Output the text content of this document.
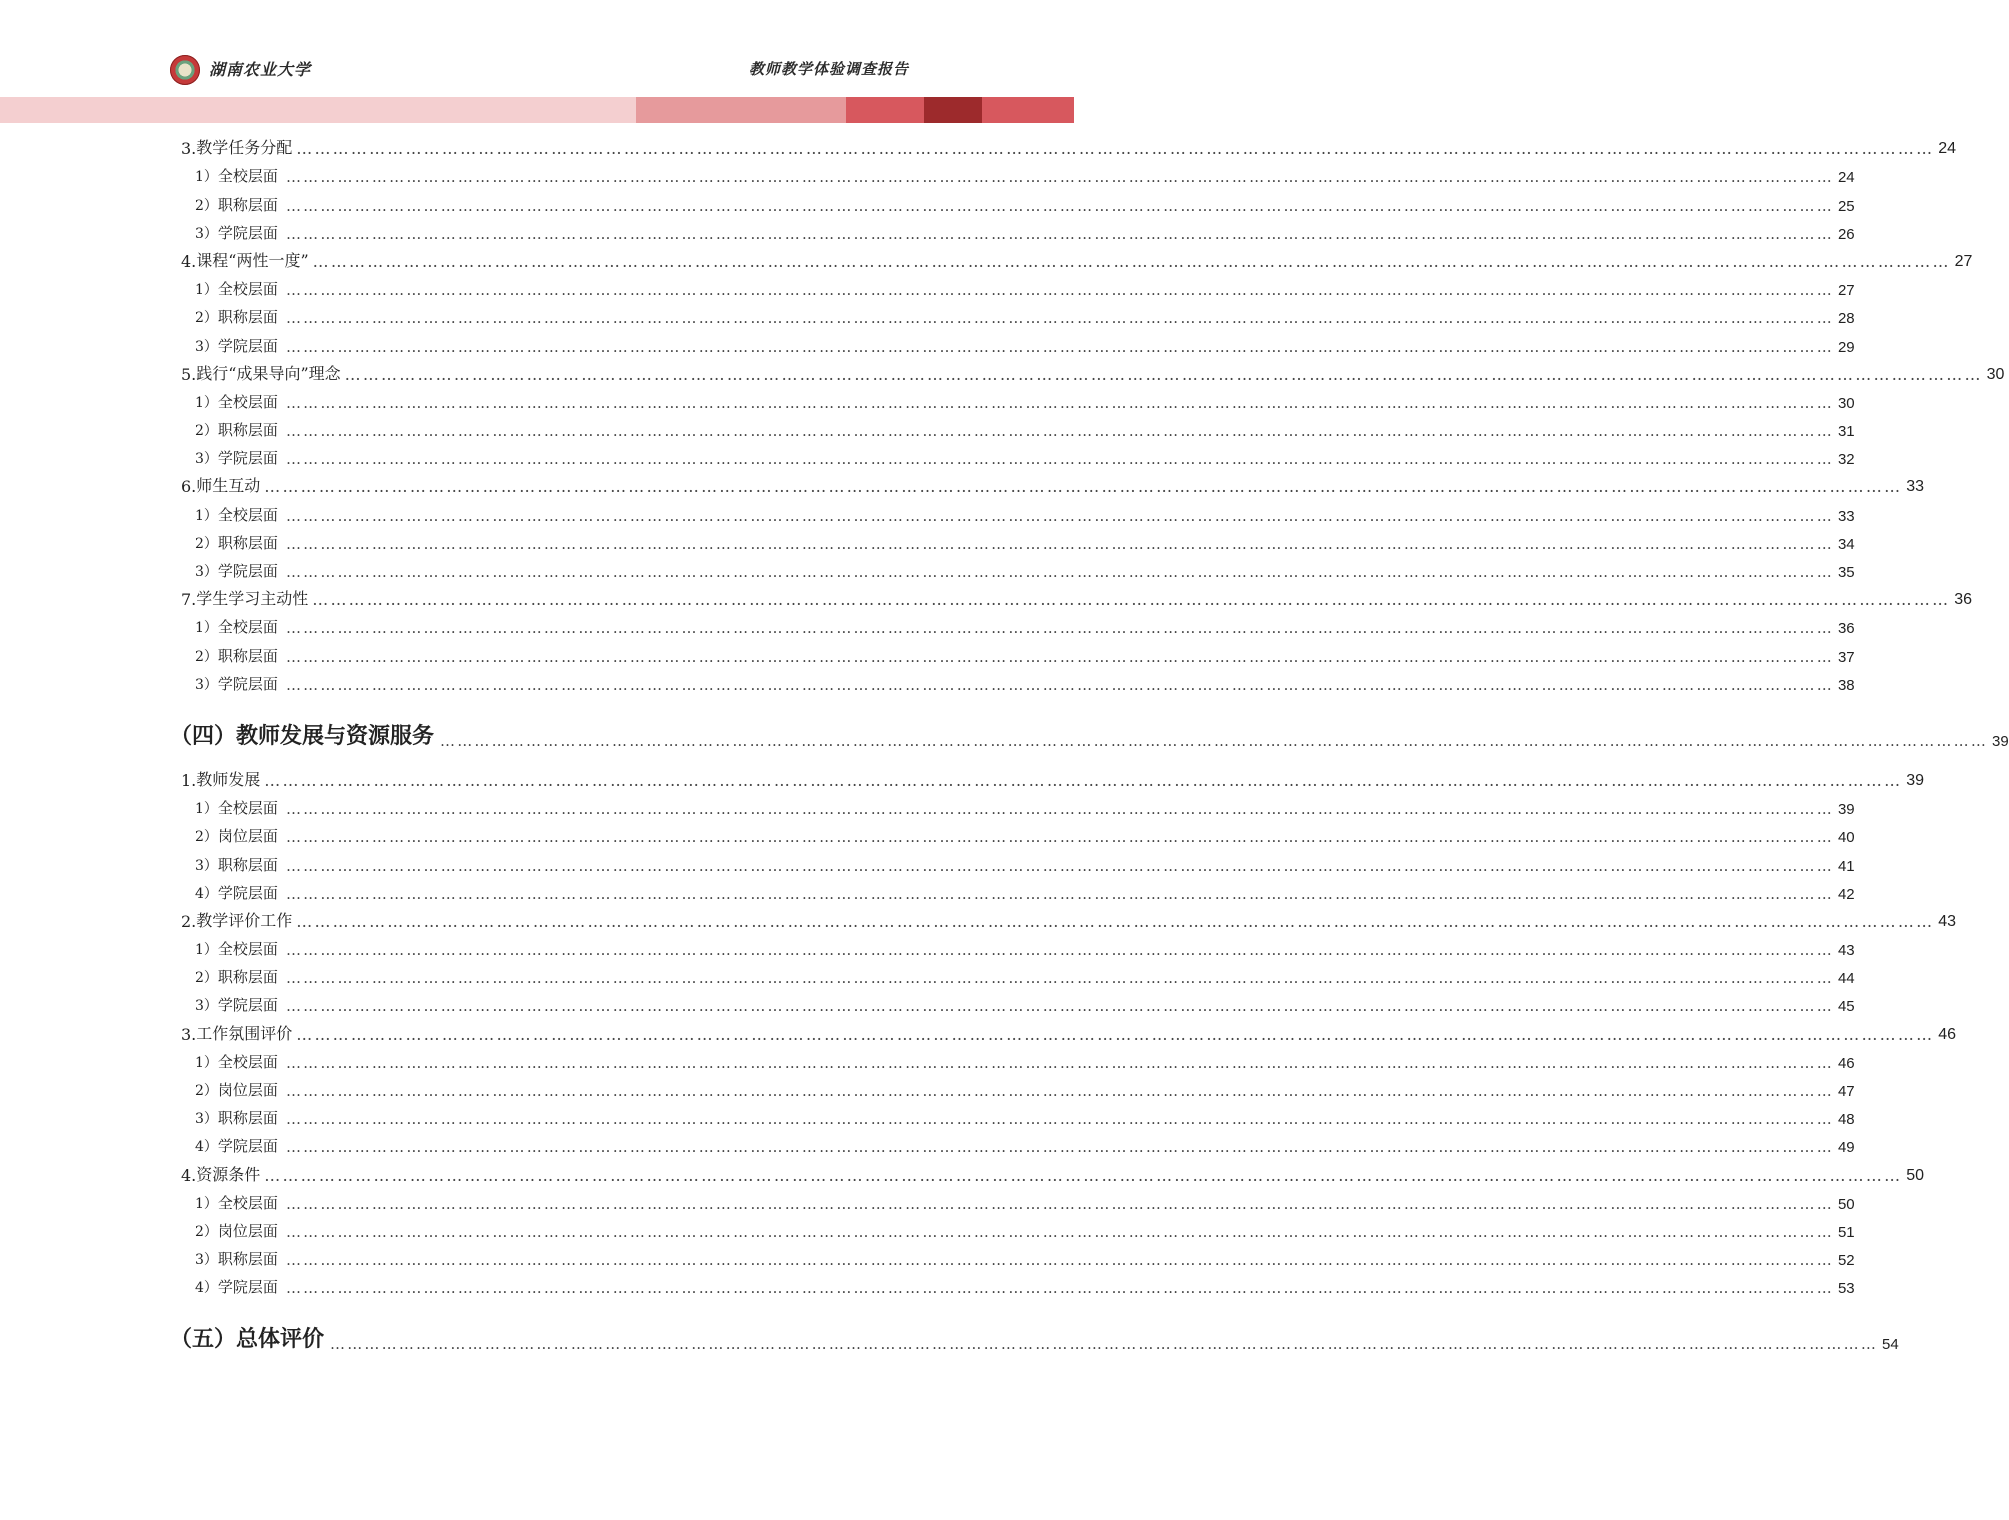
湖南农业大学	教师教学体验调查报告
3. 教学任务分配 ……………………………………………………………………………………………………………………………………………………………………………………………………………………………………………… 24
1） 全校层面 ……………………………………………………………………………………………………………………………………………………………………………………………………………………………………………… 24
2） 职称层面 ……………………………………………………………………………………………………………………………………………………………………………………………………………………………………………… 25
3） 学院层面 ……………………………………………………………………………………………………………………………………………………………………………………………………………………………………………… 26
4. 课程“两性一度” ……………………………………………………………………………………………………………………………………………………………………………………………………………………………………………… 27
1） 全校层面 ……………………………………………………………………………………………………………………………………………………………………………………………………………………………………………… 27
2） 职称层面 ……………………………………………………………………………………………………………………………………………………………………………………………………………………………………………… 28
3） 学院层面 ……………………………………………………………………………………………………………………………………………………………………………………………………………………………………………… 29
5. 践行“成果导向”理念 ……………………………………………………………………………………………………………………………………………………………………………………………………………………………………………… 30
1） 全校层面 ……………………………………………………………………………………………………………………………………………………………………………………………………………………………………………… 30
2） 职称层面 ……………………………………………………………………………………………………………………………………………………………………………………………………………………………………………… 31
3） 学院层面 ……………………………………………………………………………………………………………………………………………………………………………………………………………………………………………… 32
6. 师生互动 ……………………………………………………………………………………………………………………………………………………………………………………………………………………………………………… 33
1） 全校层面 ……………………………………………………………………………………………………………………………………………………………………………………………………………………………………………… 33
2） 职称层面 ……………………………………………………………………………………………………………………………………………………………………………………………………………………………………………… 34
3） 学院层面 ……………………………………………………………………………………………………………………………………………………………………………………………………………………………………………… 35
7. 学生学习主动性 ……………………………………………………………………………………………………………………………………………………………………………………………………………………………………………… 36
1） 全校层面 ……………………………………………………………………………………………………………………………………………………………………………………………………………………………………………… 36
2） 职称层面 ……………………………………………………………………………………………………………………………………………………………………………………………………………………………………………… 37
3） 学院层面 ……………………………………………………………………………………………………………………………………………………………………………………………………………………………………………… 38
（四）教师发展与资源服务 ……………………………………………………………………………………………………………………………………………………………………………………………………………………………………………… 39
1. 教师发展 ……………………………………………………………………………………………………………………………………………………………………………………………………………………………………………… 39
1） 全校层面 ……………………………………………………………………………………………………………………………………………………………………………………………………………………………………………… 39
2） 岗位层面 ……………………………………………………………………………………………………………………………………………………………………………………………………………………………………………… 40
3） 职称层面 ……………………………………………………………………………………………………………………………………………………………………………………………………………………………………………… 41
4） 学院层面 ……………………………………………………………………………………………………………………………………………………………………………………………………………………………………………… 42
2. 教学评价工作 ……………………………………………………………………………………………………………………………………………………………………………………………………………………………………………… 43
1） 全校层面 ……………………………………………………………………………………………………………………………………………………………………………………………………………………………………………… 43
2） 职称层面 ……………………………………………………………………………………………………………………………………………………………………………………………………………………………………………… 44
3） 学院层面 ……………………………………………………………………………………………………………………………………………………………………………………………………………………………………………… 45
3. 工作氛围评价 ……………………………………………………………………………………………………………………………………………………………………………………………………………………………………………… 46
1） 全校层面 ……………………………………………………………………………………………………………………………………………………………………………………………………………………………………………… 46
2） 岗位层面 ……………………………………………………………………………………………………………………………………………………………………………………………………………………………………………… 47
3） 职称层面 ……………………………………………………………………………………………………………………………………………………………………………………………………………………………………………… 48
4） 学院层面 ……………………………………………………………………………………………………………………………………………………………………………………………………………………………………………… 49
4. 资源条件 ……………………………………………………………………………………………………………………………………………………………………………………………………………………………………………… 50
1） 全校层面 ……………………………………………………………………………………………………………………………………………………………………………………………………………………………………………… 50
2） 岗位层面 ……………………………………………………………………………………………………………………………………………………………………………………………………………………………………………… 51
3） 职称层面 ……………………………………………………………………………………………………………………………………………………………………………………………………………………………………………… 52
4） 学院层面 ……………………………………………………………………………………………………………………………………………………………………………………………………………………………………………… 53
（五）总体评价 ……………………………………………………………………………………………………………………………………………………………………………………………………………………………………………… 54
